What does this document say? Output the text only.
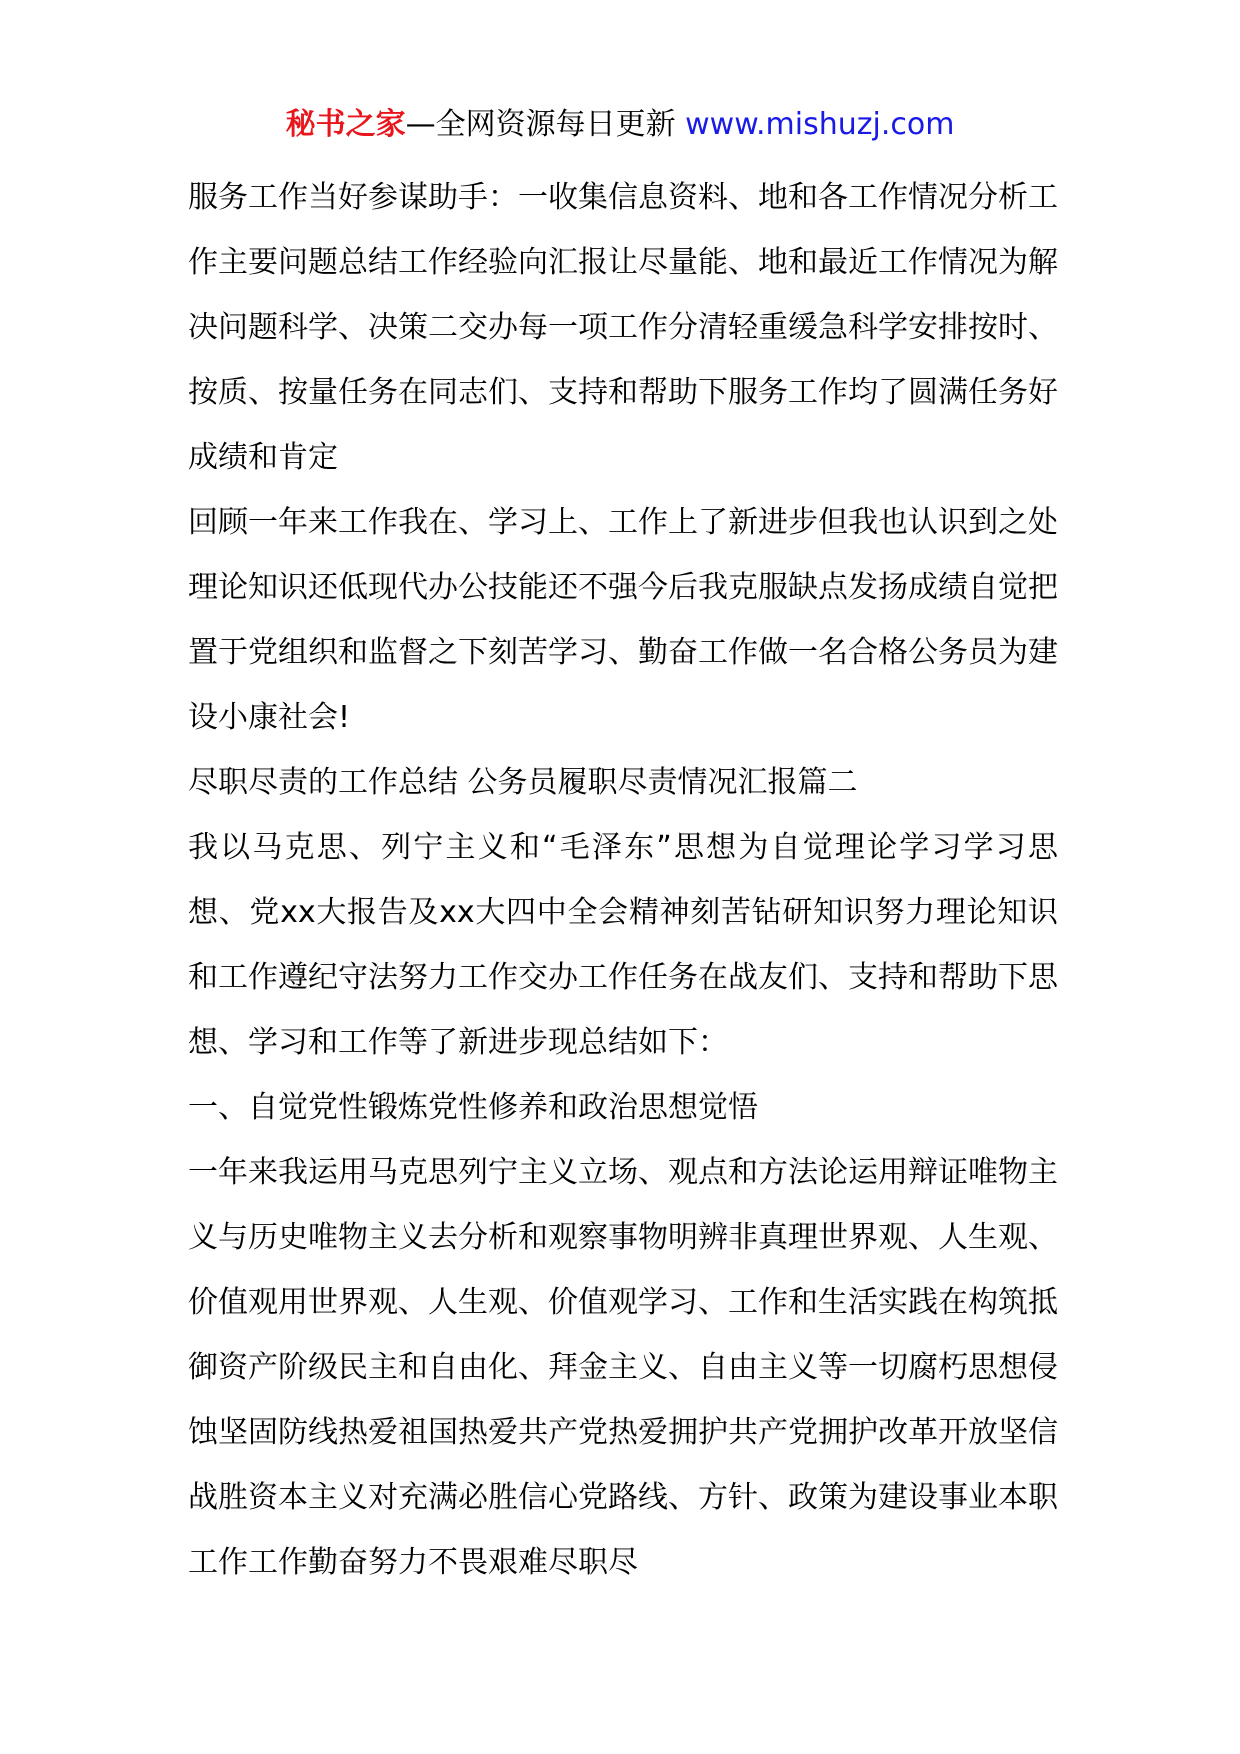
秘书之家—全网资源每日更新 www.mishuzj.com

服务工作当好参谋助手：一收集信息资料、地和各工作情况分析工作主要问题总结工作经验向汇报让尽量能、地和最近工作情况为解决问题科学、决策二交办每一项工作分清轻重缓急科学安排按时、按质、按量任务在同志们、支持和帮助下服务工作均了圆满任务好成绩和肯定

回顾一年来工作我在、学习上、工作上了新进步但我也认识到之处理论知识还低现代办公技能还不强今后我克服缺点发扬成绩自觉把置于党组织和监督之下刻苦学习、勤奋工作做一名合格公务员为建设小康社会!

尽职尽责的工作总结 公务员履职尽责情况汇报篇二

我以马克思、列宁主义和“毛泽东”思想为自觉理论学习学习思想、党xx大报告及xx大四中全会精神刻苦钻研知识努力理论知识和工作遵纪守法努力工作交办工作任务在战友们、支持和帮助下思想、学习和工作等了新进步现总结如下：

一、自觉党性锻炼党性修养和政治思想觉悟

一年来我运用马克思列宁主义立场、观点和方法论运用辩证唯物主义与历史唯物主义去分析和观察事物明辨非真理世界观、人生观、价值观用世界观、人生观、价值观学习、工作和生活实践在构筑抵御资产阶级民主和自由化、拜金主义、自由主义等一切腐朽思想侵蚀坚固防线热爱祖国热爱共产党热爱拥护共产党拥护改革开放坚信战胜资本主义对充满必胜信心党路线、方针、政策为建设事业本职工作工作勤奋努力不畏艰难尽职尽
